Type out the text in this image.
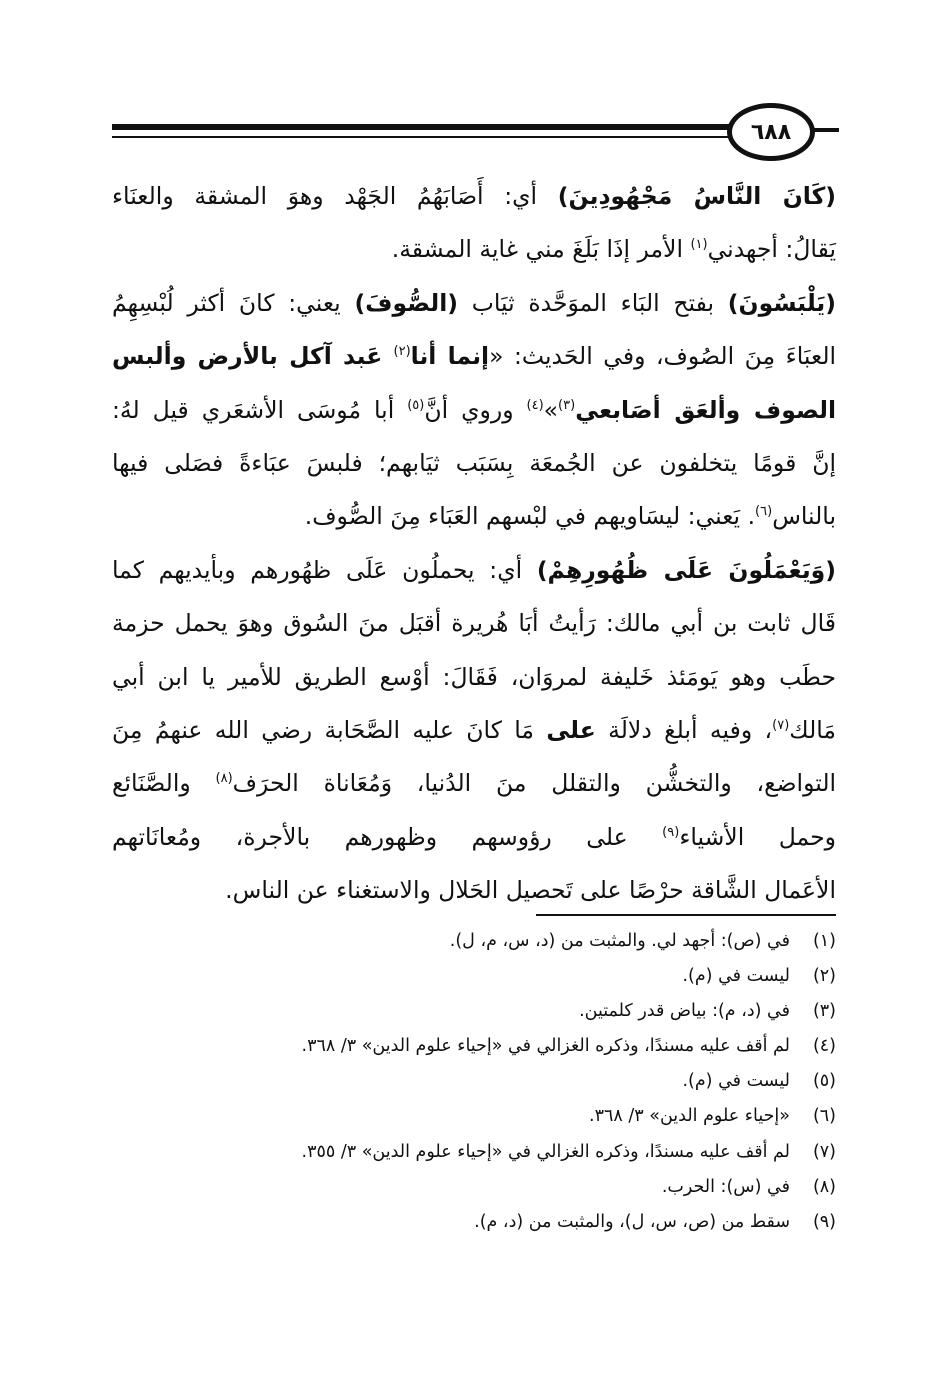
٦٨٨
(كَانَ النَّاسُ مَجْهُودِينَ) أي: أَصَابَهُمُ الجَهْد وهوَ المشقة والعنَاء
يَقالُ: أجهدني$^{(١)}$ الأمر إذَا بَلَغَ مني غاية المشقة.
(يَلْبَسُونَ) بفتح البَاء الموَحَّدة ثيَاب (الصُّوفَ) يعني: كانَ أكثر لُبْسِهِمُ
العبَاءَ مِنَ الصُوف، وفي الحَديث: «إنما أنا$^{(٢)}$ عَبد آكل بالأرض وألبس
الصوف وألعَق أصَابعي$^{(٣)}$»$^{(٤)}$ وروي أنَّ$^{(٥)}$ أبا مُوسَى الأشعَري قيل لهُ:
إنَّ قومًا يتخلفون عن الجُمعَة بِسَبَب ثيَابهم؛ فلبسَ عبَاءةً فصَلى فيها
بالناس$^{(٦)}$. يَعني: ليسَاويهم في لبْسهم العَبَاء مِنَ الصُّوف.
(وَيَعْمَلُونَ عَلَى ظُهُورِهِمْ) أي: يحملُون عَلَى ظهُورهم وبأيديهم كما
قَال ثابت بن أبي مالك: رَأيتُ أبَا هُريرة أقبَل منَ السُوق وهوَ يحمل حزمة
حطَب وهو يَومَئذ خَليفة لمروَان، فَقَالَ: أوْسع الطريق للأمير يا ابن أبي
مَالك$^{(٧)}$، وفيه أبلغ دلالَة على مَا كانَ عليه الصَّحَابة رضي الله عنهمُ مِنَ
التواضع، والتخشُّن والتقلل منَ الدُنيا، وَمُعَاناة الحرَف$^{(٨)}$ والصَّنَائع
وحمل الأشياء$^{(٩)}$ على رؤوسهم وظهورهم بالأجرة، ومُعانَاتهم
الأعَمال الشَّاقة حرْصًا على تَحصيل الحَلال والاستغناء عن الناس.
(١)
في (ص): أجهد لي. والمثبت من (د، س، م، ل).
(٢)
ليست في (م).
(٣)
في (د، م): بياض قدر كلمتين.
(٤)
لم أقف عليه مسندًا، وذكره الغزالي في «إحياء علوم الدين» ٣/ ٣٦٨.
(٥)
ليست في (م).
(٦)
«إحياء علوم الدين» ٣/ ٣٦٨.
(٧)
لم أقف عليه مسندًا، وذكره الغزالي في «إحياء علوم الدين» ٣/ ٣٥٥.
(٨)
في (س): الحرب.
(٩)
سقط من (ص، س، ل)، والمثبت من (د، م).
